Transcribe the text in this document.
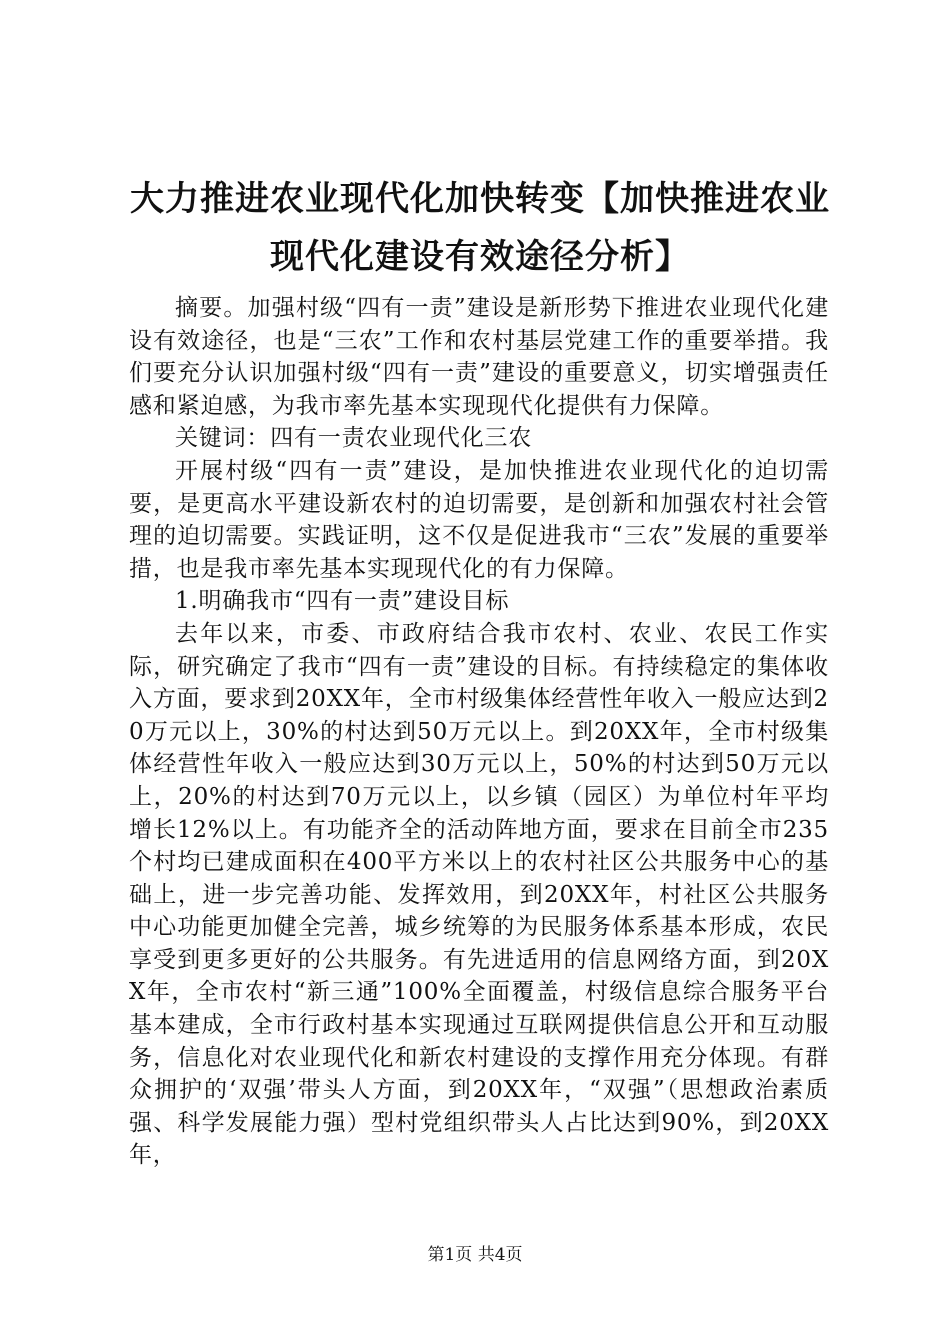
大力推进农业现代化加快转变【加快推进农业现代化建设有效途径分析】

摘要。加强村级“四有一责”建设是新形势下推进农业现代化建设有效途径，也是“三农”工作和农村基层党建工作的重要举措。我们要充分认识加强村级“四有一责”建设的重要意义，切实增强责任感和紧迫感，为我市率先基本实现现代化提供有力保障。

关键词：四有一责农业现代化三农

开展村级“四有一责”建设，是加快推进农业现代化的迫切需要，是更高水平建设新农村的迫切需要，是创新和加强农村社会管理的迫切需要。实践证明，这不仅是促进我市“三农”发展的重要举措，也是我市率先基本实现现代化的有力保障。

1.明确我市“四有一责”建设目标

去年以来，市委、市政府结合我市农村、农业、农民工作实际，研究确定了我市“四有一责”建设的目标。有持续稳定的集体收入方面，要求到20XX年，全市村级集体经营性年收入一般应达到20万元以上，30%的村达到50万元以上。到20XX年，全市村级集体经营性年收入一般应达到30万元以上，50%的村达到50万元以上，20%的村达到70万元以上，以乡镇（园区）为单位村年平均增长12%以上。有功能齐全的活动阵地方面，要求在目前全市235个村均已建成面积在400平方米以上的农村社区公共服务中心的基础上，进一步完善功能、发挥效用，到20XX年，村社区公共服务中心功能更加健全完善，城乡统筹的为民服务体系基本形成，农民享受到更多更好的公共服务。有先进适用的信息网络方面，到20XX年，全市农村“新三通”100%全面覆盖，村级信息综合服务平台基本建成，全市行政村基本实现通过互联网提供信息公开和互动服务，信息化对农业现代化和新农村建设的支撑作用充分体现。有群众拥护的‘双强’带头人方面，到20XX年，“双强”（思想政治素质强、科学发展能力强）型村党组织带头人占比达到90%，到20XX年，

第1页 共4页
